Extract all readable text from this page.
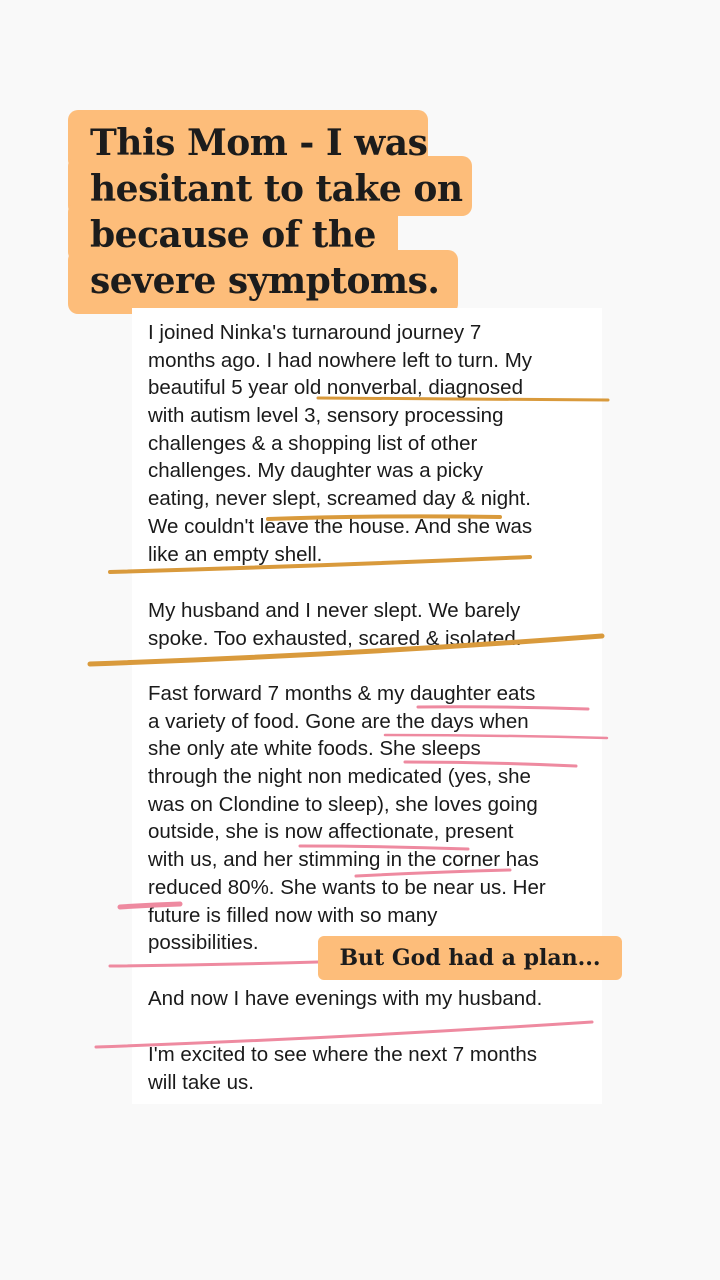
This Mom - I was
hesitant to take on
because of the
severe symptoms.
I joined Ninka's turnaround journey 7
months ago. I had nowhere left to turn. My
beautiful 5 year old nonverbal, diagnosed
with autism level 3, sensory processing
challenges & a shopping list of other
challenges. My daughter was a picky
eating, never slept, screamed day & night.
We couldn't leave the house. And she was
like an empty shell.
My husband and I never slept. We barely
spoke. Too exhausted, scared & isolated.
Fast forward 7 months & my daughter eats
a variety of food. Gone are the days when
she only ate white foods. She sleeps
through the night non medicated (yes, she
was on Clondine to sleep), she loves going
outside, she is now affectionate, present
with us, and her stimming in the corner has
reduced 80%. She wants to be near us. Her
future is filled now with so many
possibilities.
And now I have evenings with my husband.
I'm excited to see where the next 7 months
will take us.
But God had a plan...
